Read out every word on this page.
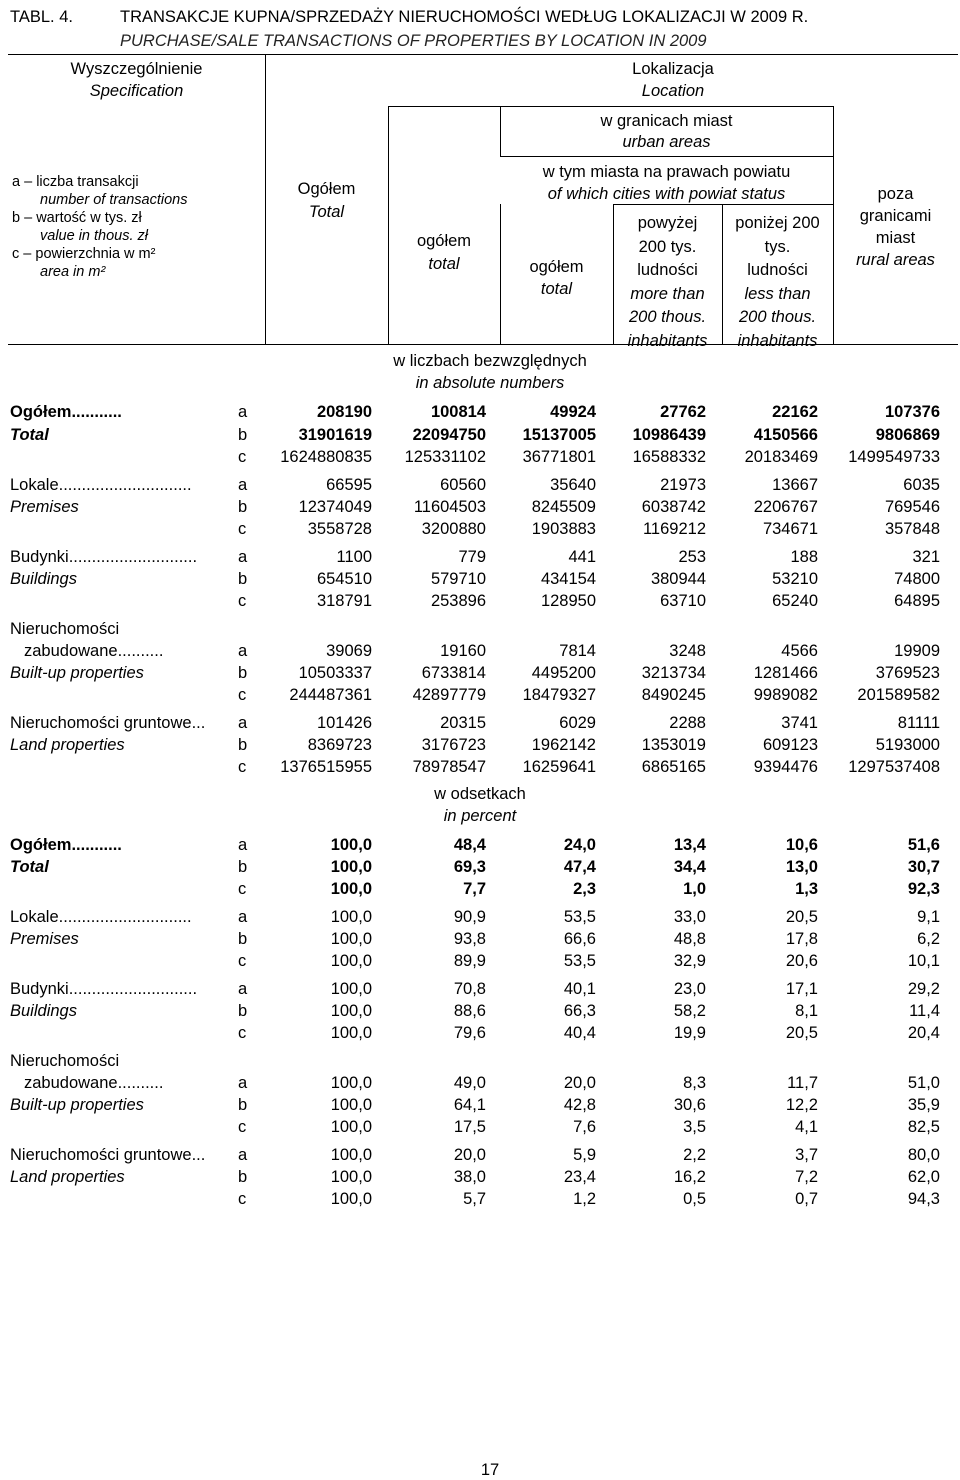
TABL. 4.	TRANSAKCJE KUPNA/SPRZEDAŻY NIERUCHOMOŚCI WEDŁUG LOKALIZACJI W 2009 R.
PURCHASE/SALE TRANSACTIONS OF PROPERTIES BY LOCATION IN 2009
Wyszczególnienie
Specification
a – liczba transakcji
number of transactions
b – wartość w tys. zł
value in thous. zł
c – powierzchnia w m²
area in m²
Ogółem
Total
Lokalizacja
Location
w granicach miast
urban areas
ogółem
total
w tym miasta na prawach powiatu
of which cities with powiat status
ogółem
total
powyżej
200 tys.
ludności
more than
200 thous.
inhabitants
poniżej 200
tys.
ludności
less than
200 thous.
inhabitants
poza
granicami
miast
rural areas
w liczbach bezwzględnych
in absolute numbers
Ogółem...........	a	208190	100814	49924	27762	22162	107376
Total	b	31901619	22094750	15137005	10986439	4150566	9806869
c	1624880835	125331102	36771801	16588332	20183469	1499549733
Lokale.............................	a	66595	60560	35640	21973	13667	6035
Premises	b	12374049	11604503	8245509	6038742	2206767	769546
c	3558728	3200880	1903883	1169212	734671	357848
Budynki............................ a	1100	779	441	253	188	321
Buildings	b	654510	579710	434154	380944	53210	74800
c	318791	253896	128950	63710	65240	64895
Nieruchomości
zabudowane..........	a	39069	19160	7814	3248	4566	19909
Built-up properties	b	10503337	6733814	4495200	3213734	1281466	3769523
c	244487361	42897779	18479327	8490245	9989082	201589582
Nieruchomości gruntowe... a	101426	20315	6029	2288	3741	81111
Land properties	b	8369723	3176723	1962142	1353019	609123	5193000
c	1376515955	78978547	16259641	6865165	9394476	1297537408
w odsetkach
in percent
Ogółem...........	a	100,0	48,4	24,0	13,4	10,6	51,6
Total	b	100,0	69,3	47,4	34,4	13,0	30,7
c	100,0	7,7	2,3	1,0	1,3	92,3
Lokale.............................	a	100,0	90,9	53,5	33,0	20,5	9,1
Premises	b	100,0	93,8	66,6	48,8	17,8	6,2
c	100,0	89,9	53,5	32,9	20,6	10,1
Budynki............................ a	100,0	70,8	40,1	23,0	17,1	29,2
Buildings	b	100,0	88,6	66,3	58,2	8,1	11,4
c	100,0	79,6	40,4	19,9	20,5	20,4
Nieruchomości
zabudowane..........	a	100,0	49,0	20,0	8,3	11,7	51,0
Built-up properties	b	100,0	64,1	42,8	30,6	12,2	35,9
c	100,0	17,5	7,6	3,5	4,1	82,5
Nieruchomości gruntowe... a	100,0	20,0	5,9	2,2	3,7	80,0
Land properties	b	100,0	38,0	23,4	16,2	7,2	62,0
c	100,0	5,7	1,2	0,5	0,7	94,3
17
